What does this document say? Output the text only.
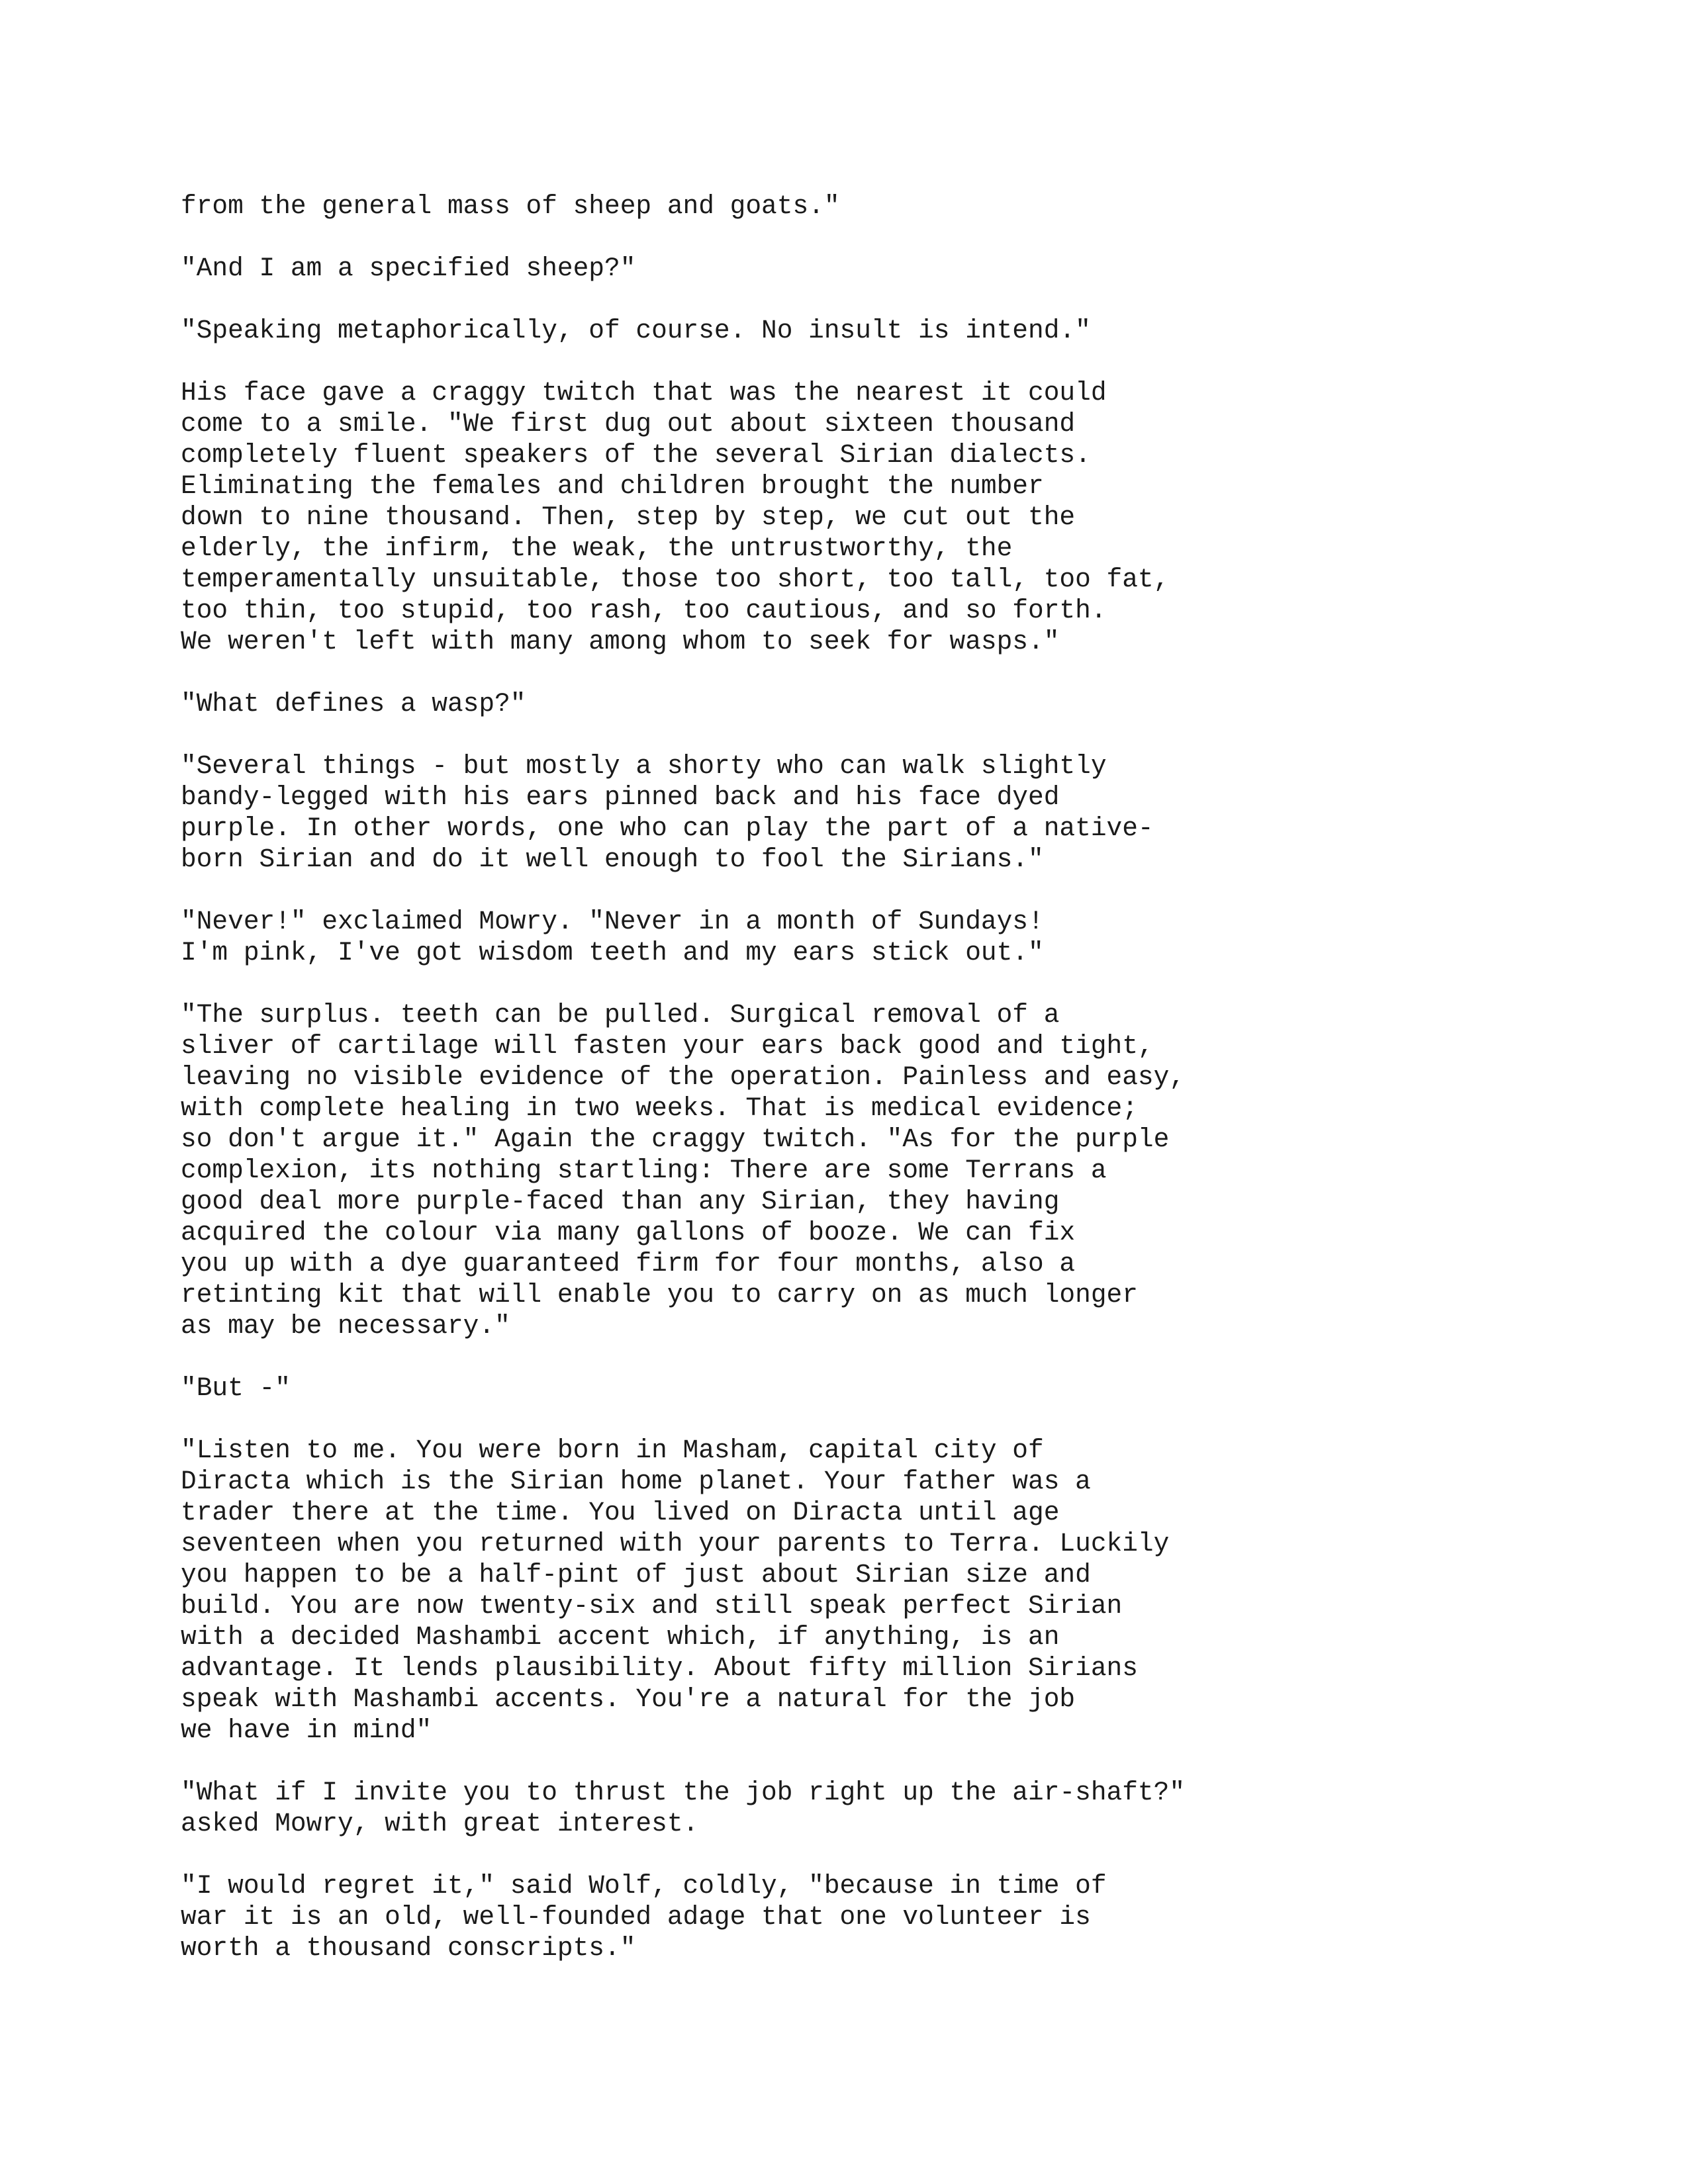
from the general mass of sheep and goats."
"And I am a specified sheep?"
"Speaking metaphorically, of course. No insult is intend."
His face gave a craggy twitch that was the nearest it could
come to a smile. "We first dug out about sixteen thousand
completely fluent speakers of the several Sirian dialects.
Eliminating the females and children brought the number
down to nine thousand. Then, step by step, we cut out the
elderly, the infirm, the weak, the untrustworthy, the
temperamentally unsuitable, those too short, too tall, too fat,
too thin, too stupid, too rash, too cautious, and so forth.
We weren't left with many among whom to seek for wasps."
"What defines a wasp?"
"Several things - but mostly a shorty who can walk slightly
bandy-legged with his ears pinned back and his face dyed
purple. In other words, one who can play the part of a native-
born Sirian and do it well enough to fool the Sirians."
"Never!" exclaimed Mowry. "Never in a month of Sundays!
I'm pink, I've got wisdom teeth and my ears stick out."
"The surplus. teeth can be pulled. Surgical removal of a
sliver of cartilage will fasten your ears back good and tight,
leaving no visible evidence of the operation. Painless and easy,
with complete healing in two weeks. That is medical evidence;
so don't argue it." Again the craggy twitch. "As for the purple
complexion, its nothing startling: There are some Terrans a
good deal more purple-faced than any Sirian, they having
acquired the colour via many gallons of booze. We can fix
you up with a dye guaranteed firm for four months, also a
retinting kit that will enable you to carry on as much longer
as may be necessary."
"But -"
"Listen to me. You were born in Masham, capital city of
Diracta which is the Sirian home planet. Your father was a
trader there at the time. You lived on Diracta until age
seventeen when you returned with your parents to Terra. Luckily
you happen to be a half-pint of just about Sirian size and
build. You are now twenty-six and still speak perfect Sirian
with a decided Mashambi accent which, if anything, is an
advantage. It lends plausibility. About fifty million Sirians
speak with Mashambi accents. You're a natural for the job
we have in mind"
"What if I invite you to thrust the job right up the air-shaft?"
asked Mowry, with great interest.
"I would regret it," said Wolf, coldly, "because in time of
war it is an old, well-founded adage that one volunteer is
worth a thousand conscripts."
